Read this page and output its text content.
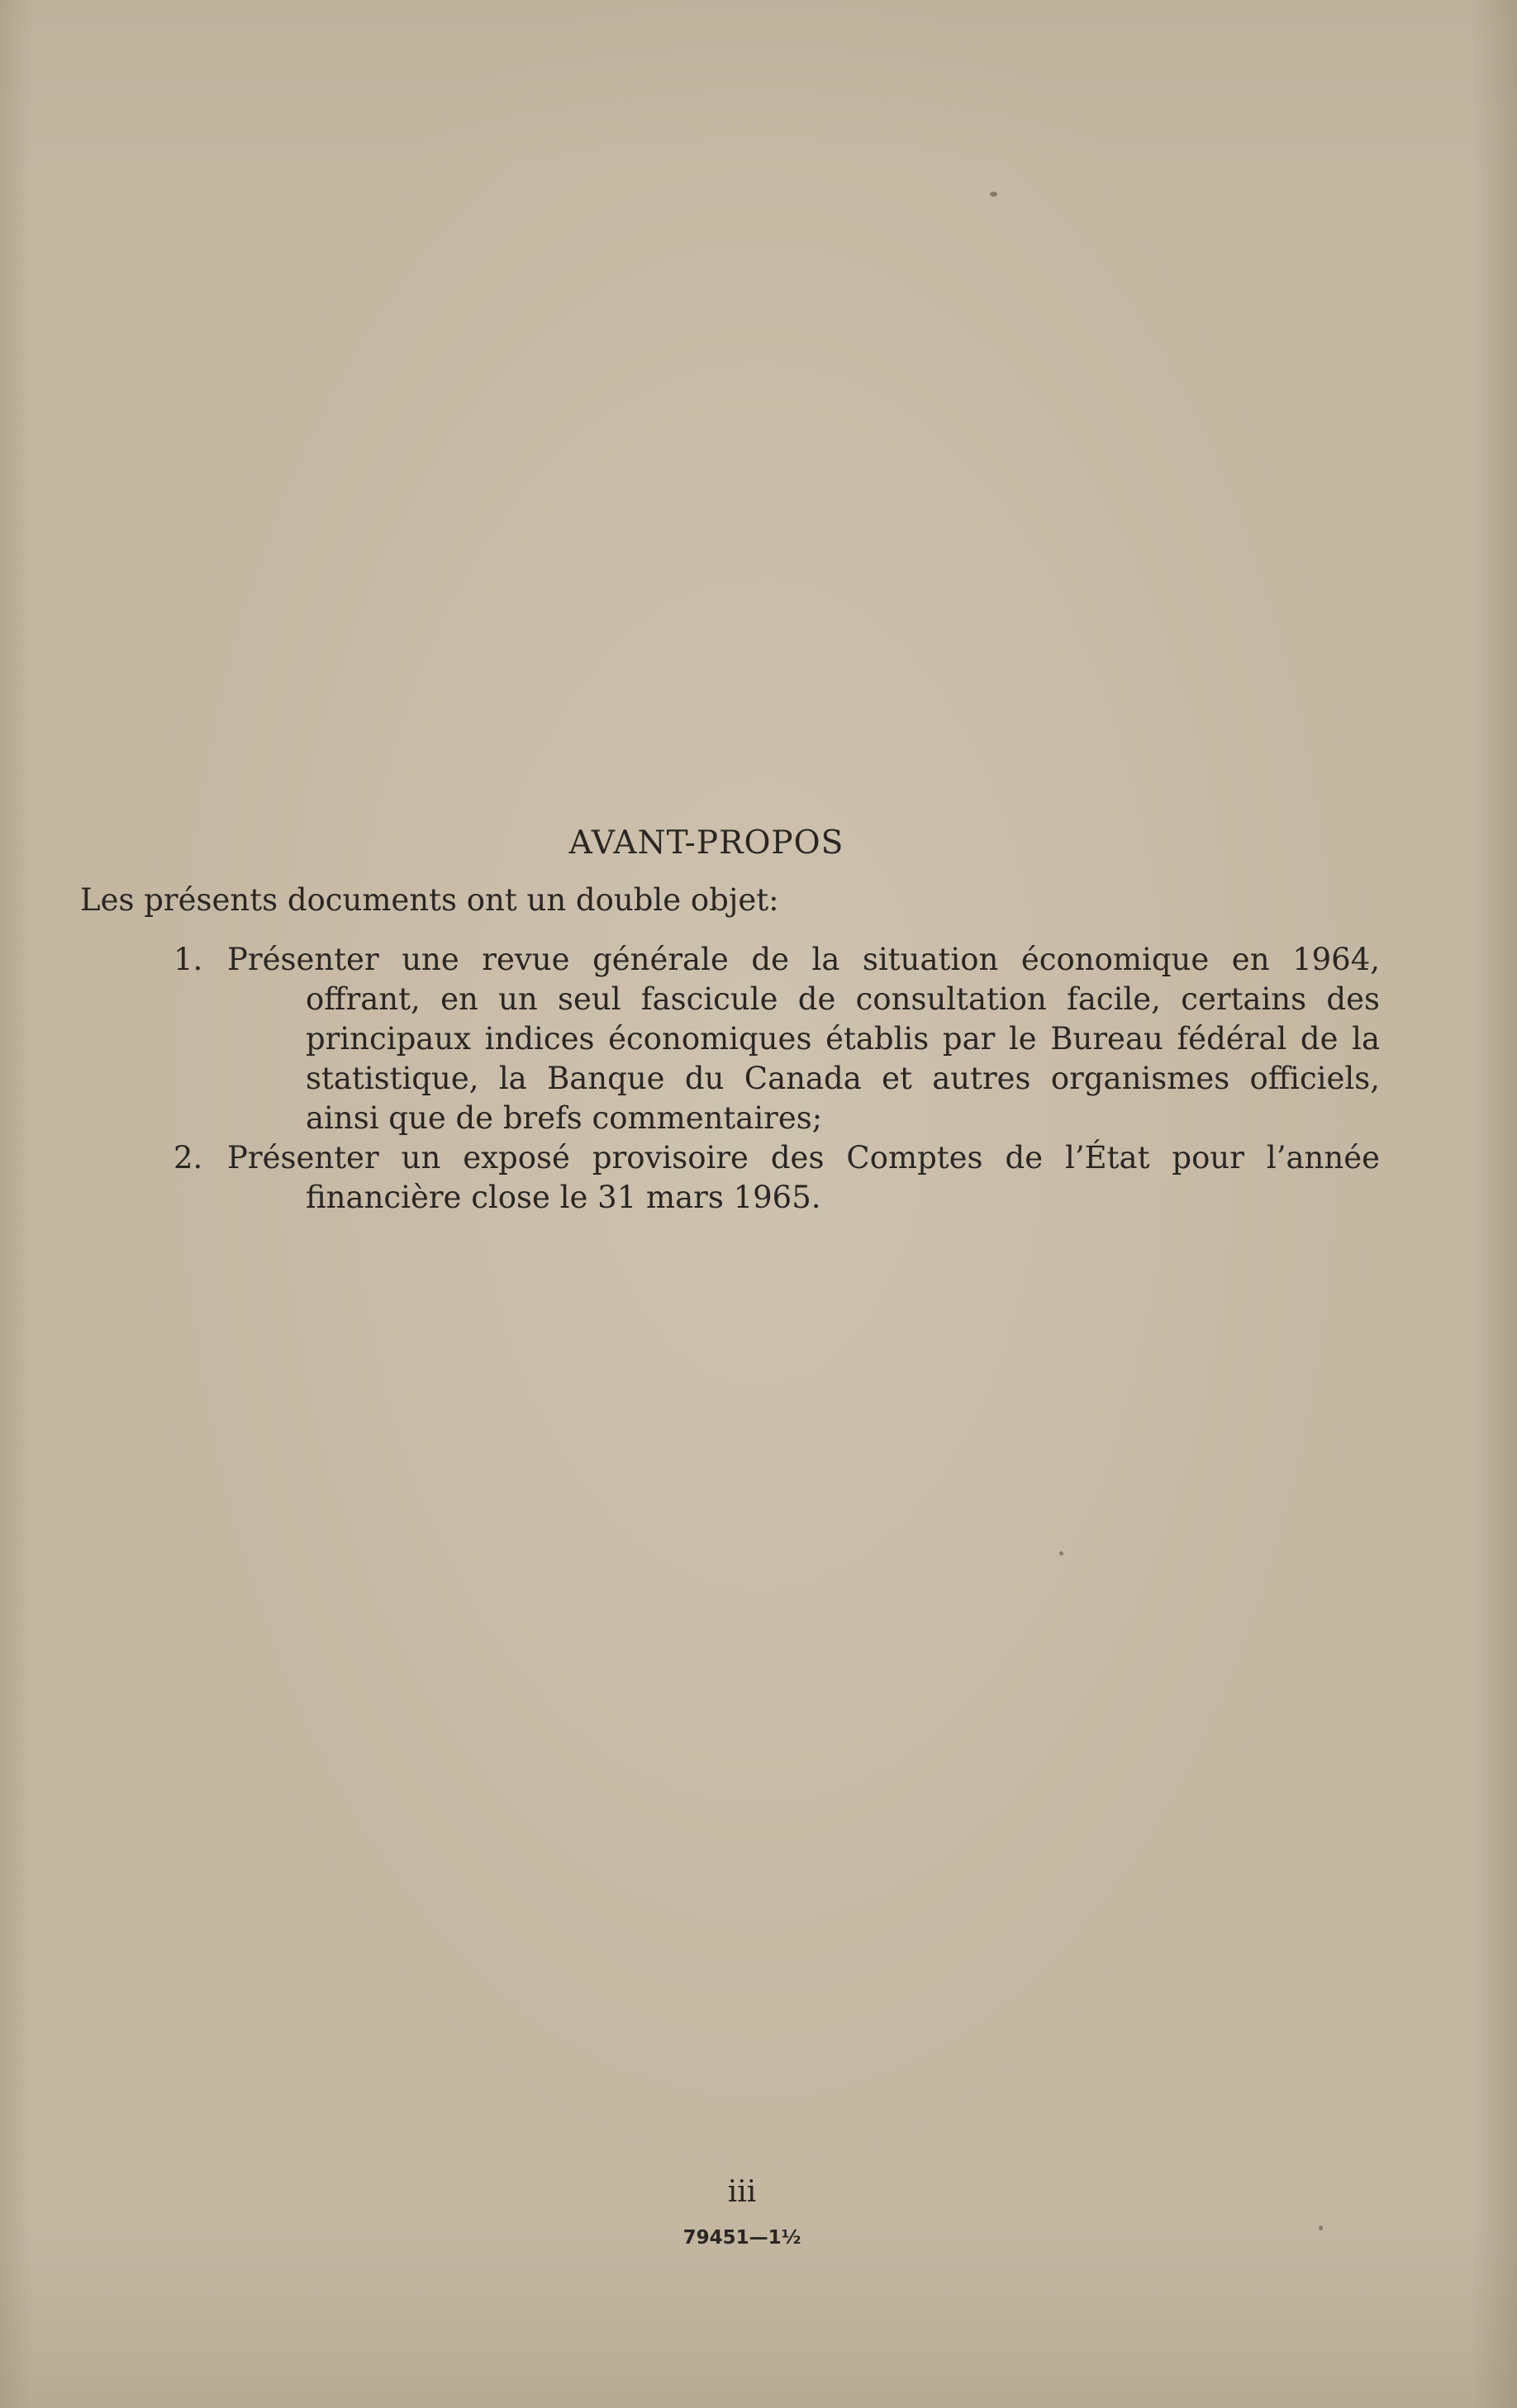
AVANT-PROPOS

Les présents documents ont un double objet:

1. Présenter une revue générale de la situation économique en 1964,
offrant, en un seul fascicule de consultation facile, certains des
principaux indices économiques établis par le Bureau fédéral de la
statistique, la Banque du Canada et autres organismes officiels,
ainsi que de brefs commentaires;
2. Présenter un exposé provisoire des Comptes de l’État pour l’année
financière close le 31 mars 1965.
iii
79451—1½
